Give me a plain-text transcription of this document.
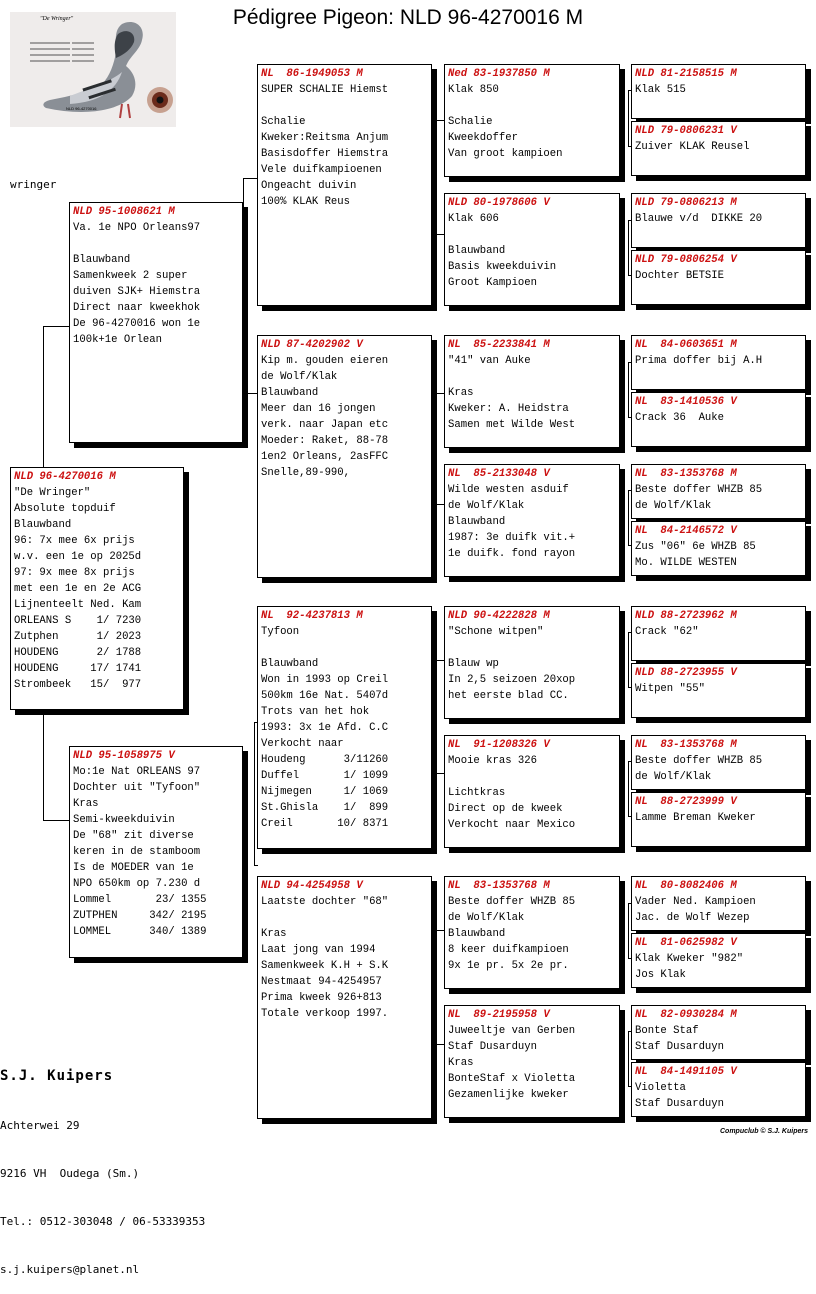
Pédigree Pigeon: NLD 96-4270016 M
"De Wringer"
NLD 96-4270016
wringer
NLD 96-4270016 M
"De Wringer"
Absolute topduif
Blauwband
96: 7x mee 6x prijs
w.v. een 1e op 2025d
97: 9x mee 8x prijs
met een 1e en 2e ACG
Lijnenteelt Ned. Kam
ORLEANS S    1/ 7230
Zutphen      1/ 2023
HOUDENG      2/ 1788
HOUDENG     17/ 1741
Strombeek   15/  977
NLD 95-1008621 M
Va. 1e NPO Orleans97
Blauwband
Samenkweek 2 super
duiven SJK+ Hiemstra
Direct naar kweekhok
De 96-4270016 won 1e
100k+1e Orlean
NLD 95-1058975 V
Mo:1e Nat ORLEANS 97
Dochter uit "Tyfoon"
Kras
Semi-kweekduivin
De "68" zit diverse
keren in de stamboom
Is de MOEDER van 1e
NPO 650km op 7.230 d
Lommel       23/ 1355
ZUTPHEN     342/ 2195
LOMMEL      340/ 1389
NL  86-1949053 M
SUPER SCHALIE Hiemst
Schalie
Kweker:Reitsma Anjum
Basisdoffer Hiemstra
Vele duifkampioenen
Ongeacht duivin
100% KLAK Reus
NLD 87-4202902 V
Kip m. gouden eieren
de Wolf/Klak
Blauwband
Meer dan 16 jongen
verk. naar Japan etc
Moeder: Raket, 88-78
1en2 Orleans, 2asFFC
Snelle,89-990,
NL  92-4237813 M
Tyfoon
Blauwband
Won in 1993 op Creil
500km 16e Nat. 5407d
Trots van het hok
1993: 3x 1e Afd. C.C
Verkocht naar
Houdeng      3/11260
Duffel       1/ 1099
Nijmegen     1/ 1069
St.Ghisla    1/  899
Creil       10/ 8371
NLD 94-4254958 V
Laatste dochter "68"
Kras
Laat jong van 1994
Samenkweek K.H + S.K
Nestmaat 94-4254957
Prima kweek 926+813
Totale verkoop 1997.
Ned 83-1937850 M
Klak 850
Schalie
Kweekdoffer
Van groot kampioen
NLD 80-1978606 V
Klak 606
Blauwband
Basis kweekduivin
Groot Kampioen
NL  85-2233841 M
"41" van Auke
Kras
Kweker: A. Heidstra
Samen met Wilde West
NL  85-2133048 V
Wilde westen asduif
de Wolf/Klak
Blauwband
1987: 3e duifk vit.+
1e duifk. fond rayon
NLD 90-4222828 M
"Schone witpen"
Blauw wp
In 2,5 seizoen 20xop
het eerste blad CC.
NL  91-1208326 V
Mooie kras 326
Lichtkras
Direct op de kweek
Verkocht naar Mexico
NL  83-1353768 M
Beste doffer WHZB 85
de Wolf/Klak
Blauwband
8 keer duifkampioen
9x 1e pr. 5x 2e pr.
NL  89-2195958 V
Juweeltje van Gerben
Staf Dusarduyn
Kras
BonteStaf x Violetta
Gezamenlijke kweker
NLD 81-2158515 M
Klak 515
NLD 79-0806231 V
Zuiver KLAK Reusel
NLD 79-0806213 M
Blauwe v/d  DIKKE 20
NLD 79-0806254 V
Dochter BETSIE
NL  84-0603651 M
Prima doffer bij A.H
NL  83-1410536 V
Crack 36  Auke
NL  83-1353768 M
Beste doffer WHZB 85
de Wolf/Klak
NL  84-2146572 V
Zus "06" 6e WHZB 85
Mo. WILDE WESTEN
NLD 88-2723962 M
Crack "62"
NLD 88-2723955 V
Witpen "55"
NL  83-1353768 M
Beste doffer WHZB 85
de Wolf/Klak
NL  88-2723999 V
Lamme Breman Kweker
NL  80-8082406 M
Vader Ned. Kampioen
Jac. de Wolf Wezep
NL  81-0625982 V
Klak Kweker "982"
Jos Klak
NL  82-0930284 M
Bonte Staf
Staf Dusarduyn
NL  84-1491105 V
Violetta
Staf Dusarduyn

S.J. Kuipers

Achterwei 29

9216 VH  Oudega (Sm.)

Tel.: 0512-303048 / 06-53339353

s.j.kuipers@planet.nl

Compuclub © S.J. Kuipers
